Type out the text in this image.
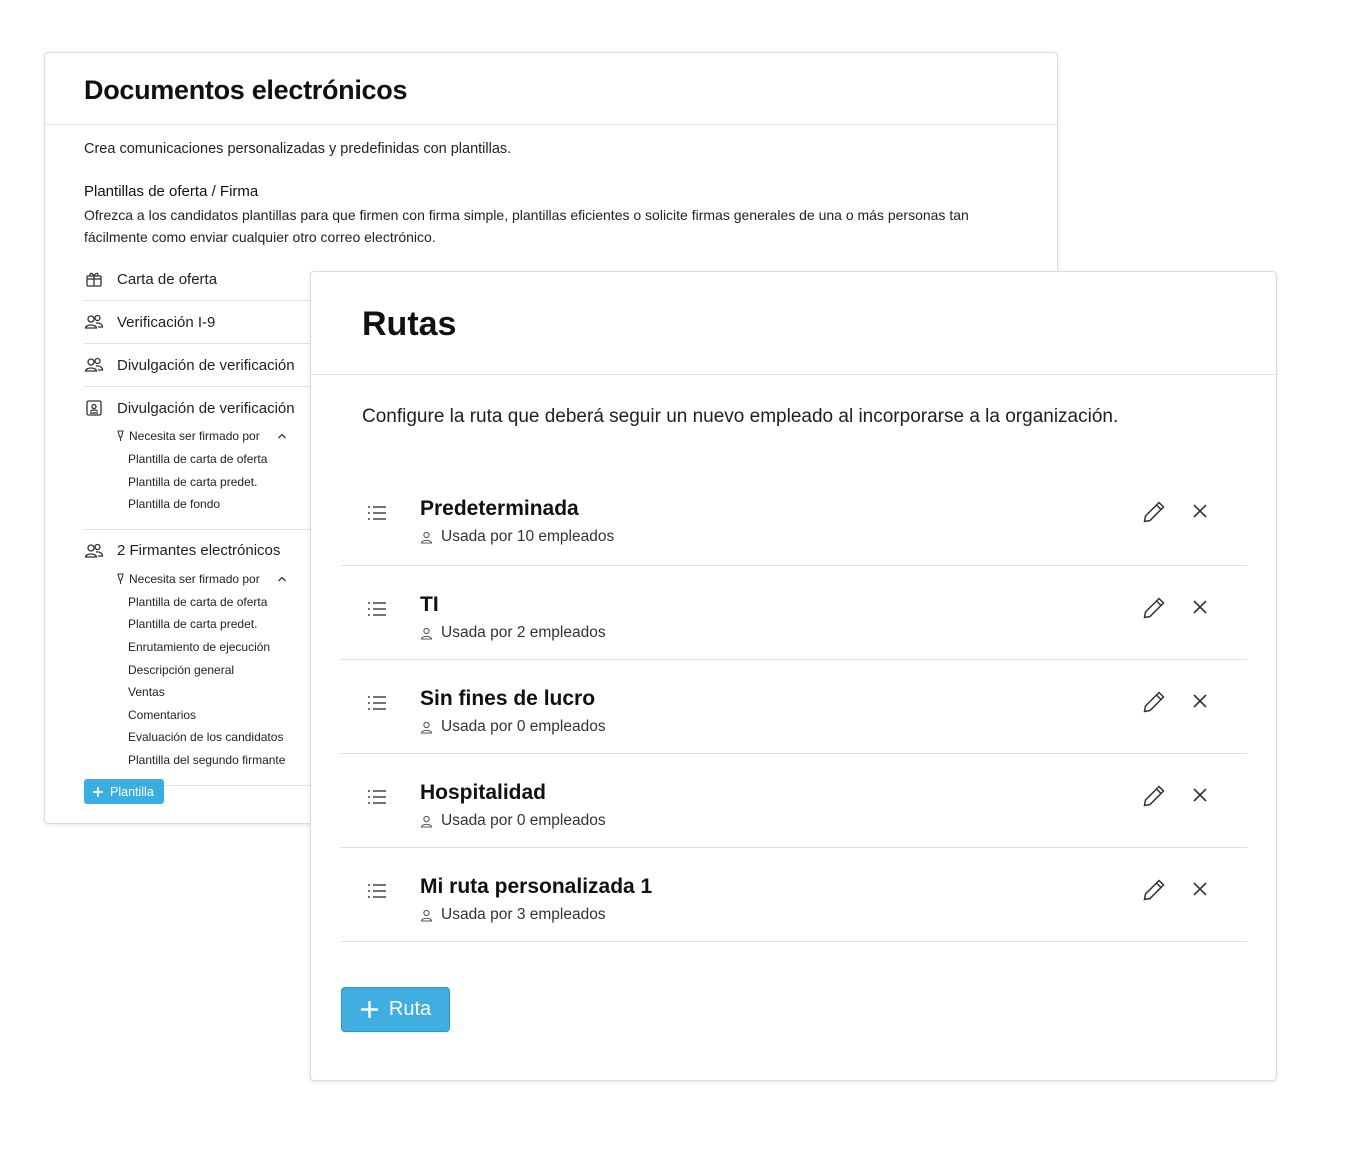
Documentos electrónicos
Crea comunicaciones personalizadas y predefinidas con plantillas.
Plantillas de oferta / Firma
Ofrezca a los candidatos plantillas para que firmen con firma simple, plantillas eficientes o solicite firmas generales de una o más personas tan fácilmente como enviar cualquier otro correo electrónico.
Carta de oferta
Verificación I-9
Divulgación de verificación
Divulgación de verificación
Necesita ser firmado por
Plantilla de carta de oferta
Plantilla de carta predet.
Plantilla de fondo
2 Firmantes electrónicos
Necesita ser firmado por
Plantilla de carta de oferta
Plantilla de carta predet.
Enrutamiento de ejecución
Descripción general
Ventas
Comentarios
Evaluación de los candidatos
Plantilla del segundo firmante
Plantilla
Rutas
Configure la ruta que deberá seguir un nuevo empleado al incorporarse a la organización.
Predeterminada
Usada por 10 empleados
TI
Usada por 2 empleados
Sin fines de lucro
Usada por 0 empleados
Hospitalidad
Usada por 0 empleados
Mi ruta personalizada 1
Usada por 3 empleados
Ruta
